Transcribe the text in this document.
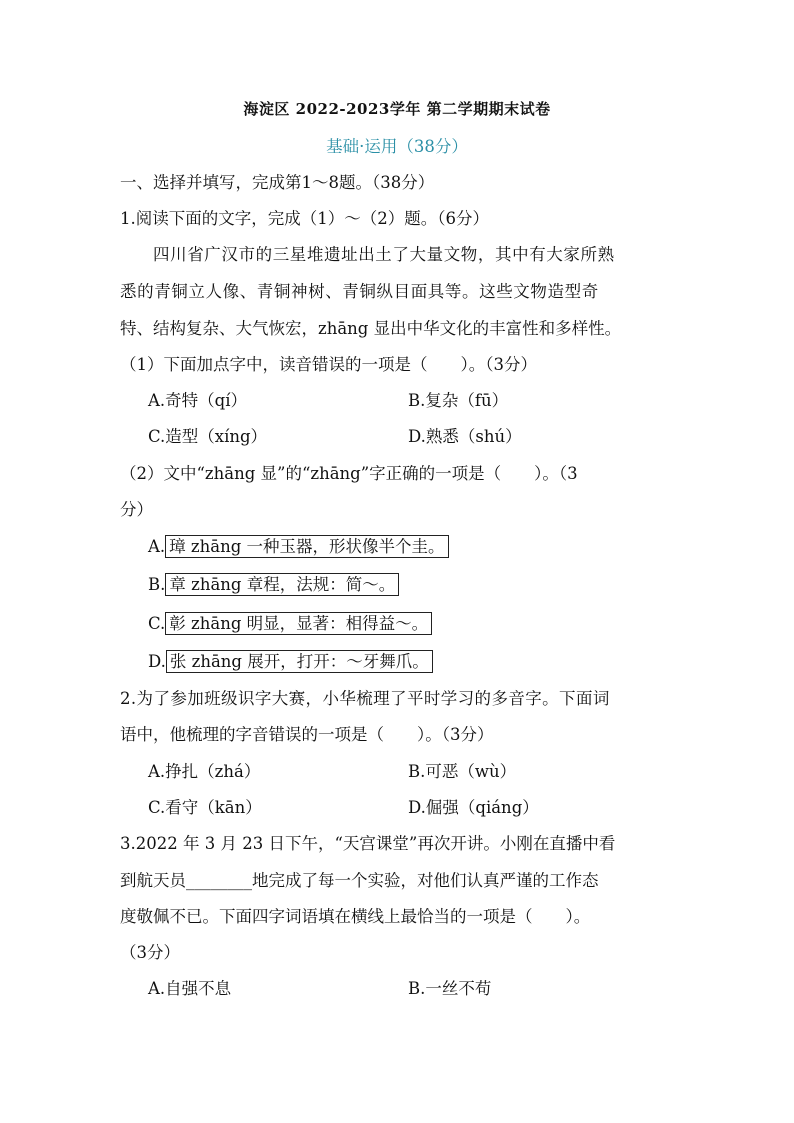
海淀区 2022-2023学年 第二学期期末试卷
基础·运用（38分）
一、选择并填写，完成第1～8题。（38分）
1.阅读下面的文字，完成（1）～（2）题。（6分）
四川省广汉市的三星堆遗址出土了大量文物，其中有大家所熟
悉的青铜立人像、青铜神树、青铜纵目面具等。这些文物造型奇
特、结构复杂、大气恢宏，zhāng 显出中华文化的丰富性和多样性。
（1）下面加点字中，读音错误的一项是（　　）。（3分）
A.奇特（qí）	B.复杂（fū）
C.造型（xíng）	D.熟悉（shú）
（2）文中“zhāng 显”的“zhāng”字正确的一项是（　　）。（3
分）
A. 璋 zhāng 一种玉器，形状像半个圭。
B. 章 zhāng 章程，法规：简～。
C. 彰 zhāng 明显，显著：相得益～。
D. 张 zhāng 展开，打开：～牙舞爪。
2.为了参加班级识字大赛，小华梳理了平时学习的多音字。下面词
语中，他梳理的字音错误的一项是（　　）。（3分）
A.挣扎（zhá）	B.可恶（wù）
C.看守（kān）	D.倔强（qiáng）
3.2022 年 3 月 23 日下午，“天宫课堂”再次开讲。小刚在直播中看
到航天员________地完成了每一个实验，对他们认真严谨的工作态
度敬佩不已。下面四字词语填在横线上最恰当的一项是（　　）。
（3分）
A.自强不息	B.一丝不苟
